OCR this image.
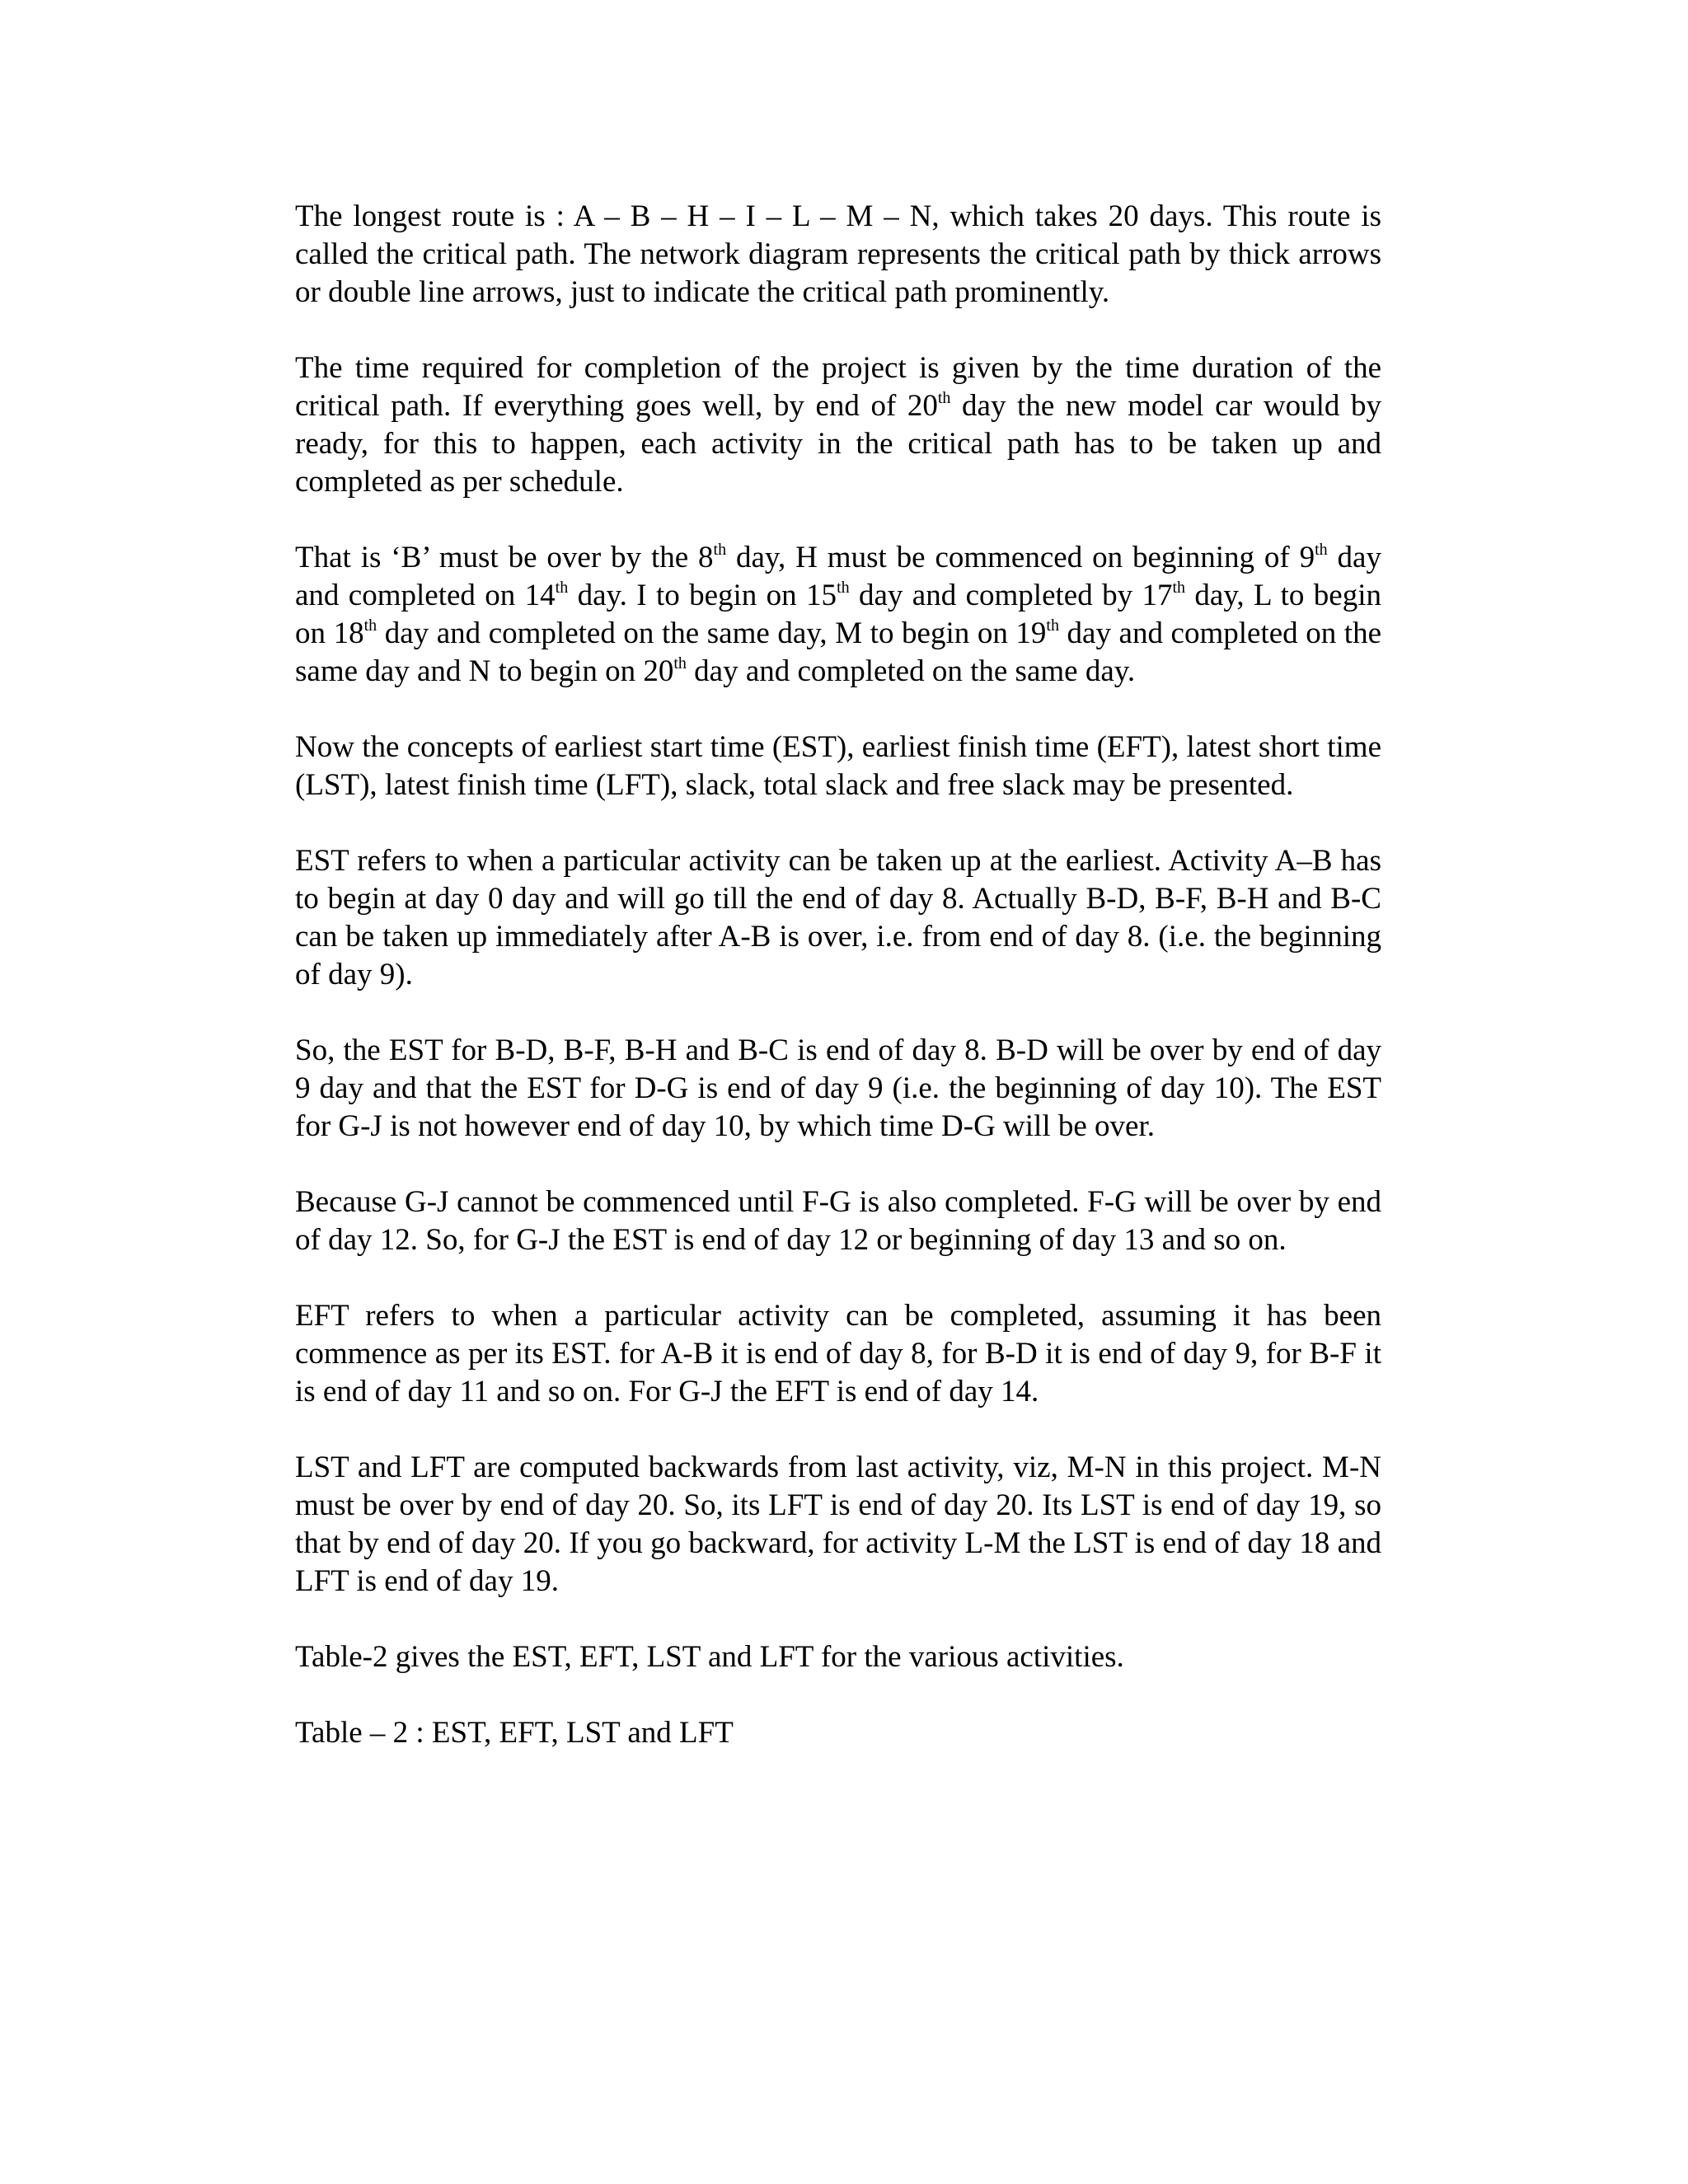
The longest route is : A – B – H – I – L – M – N, which takes 20 days. This route is called the critical path. The network diagram represents the critical path by thick arrows or double line arrows, just to indicate the critical path prominently.

The time required for completion of the project is given by the time duration of the critical path. If everything goes well, by end of 20th day the new model car would by ready, for this to happen, each activity in the critical path has to be taken up and completed as per schedule.

That is ‘B’ must be over by the 8th day, H must be commenced on beginning of 9th day and completed on 14th day. I to begin on 15th day and completed by 17th day, L to begin on 18th day and completed on the same day, M to begin on 19th day and completed on the same day and N to begin on 20th day and completed on the same day.

Now the concepts of earliest start time (EST), earliest finish time (EFT), latest short time (LST), latest finish time (LFT), slack, total slack and free slack may be presented.

EST refers to when a particular activity can be taken up at the earliest. Activity A–B has to begin at day 0 day and will go till the end of day 8. Actually B-D, B-F, B-H and B-C can be taken up immediately after A-B is over, i.e. from end of day 8. (i.e. the beginning of day 9).

So, the EST for B-D, B-F, B-H and B-C is end of day 8. B-D will be over by end of day 9 day and that the EST for D-G is end of day 9 (i.e. the beginning of day 10). The EST for G-J is not however end of day 10, by which time D-G will be over.

Because G-J cannot be commenced until F-G is also completed. F-G will be over by end of day 12. So, for G-J the EST is end of day 12 or beginning of day 13 and so on.

EFT refers to when a particular activity can be completed, assuming it has been commence as per its EST. for A-B it is end of day 8, for B-D it is end of day 9, for B-F it is end of day 11 and so on. For G-J the EFT is end of day 14.

LST and LFT are computed backwards from last activity, viz, M-N in this project. M-N must be over by end of day 20. So, its LFT is end of day 20. Its LST is end of day 19, so that by end of day 20. If you go backward, for activity L-M the LST is end of day 18 and LFT is end of day 19.

Table-2 gives the EST, EFT, LST and LFT for the various activities.

Table – 2 : EST, EFT, LST and LFT
